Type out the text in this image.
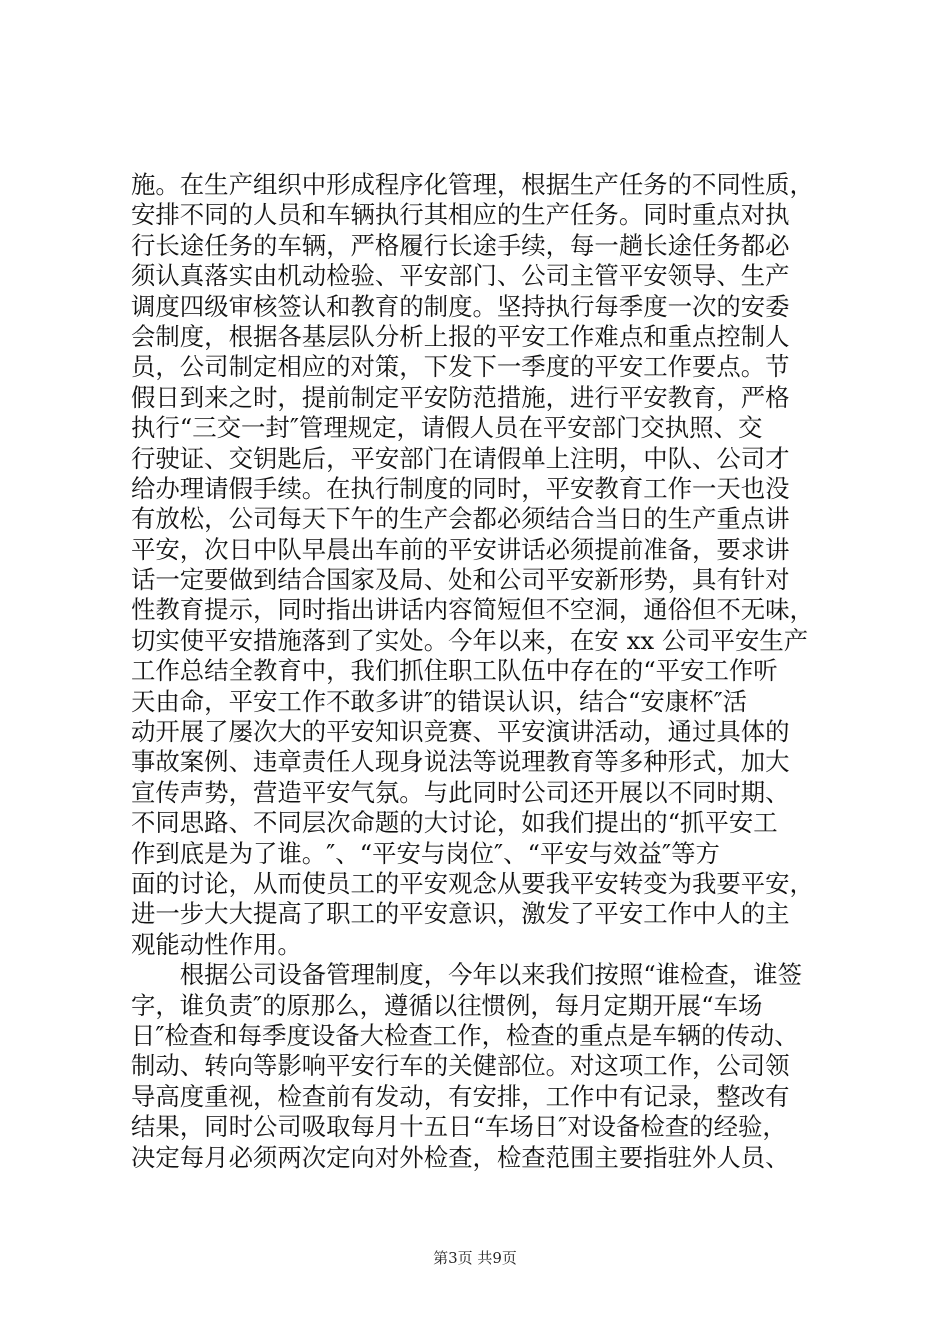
施。在生产组织中形成程序化管理，根据生产任务的不同性质，
安排不同的人员和车辆执行其相应的生产任务。同时重点对执
行长途任务的车辆，严格履行长途手续，每一趟长途任务都必
须认真落实由机动检验、平安部门、公司主管平安领导、生产
调度四级审核签认和教育的制度。坚持执行每季度一次的安委
会制度，根据各基层队分析上报的平安工作难点和重点控制人
员，公司制定相应的对策，下发下一季度的平安工作要点。节
假日到来之时，提前制定平安防范措施，进行平安教育，严格
执行“三交一封″管理规定，请假人员在平安部门交执照、交
行驶证、交钥匙后，平安部门在请假单上注明，中队、公司才
给办理请假手续。在执行制度的同时，平安教育工作一天也没
有放松，公司每天下午的生产会都必须结合当日的生产重点讲
平安，次日中队早晨出车前的平安讲话必须提前准备，要求讲
话一定要做到结合国家及局、处和公司平安新形势，具有针对
性教育提示，同时指出讲话内容简短但不空洞，通俗但不无味，
切实使平安措施落到了实处。今年以来，在安 xx 公司平安生产
工作总结全教育中，我们抓住职工队伍中存在的“平安工作听
天由命，平安工作不敢多讲″的错误认识，结合“安康杯″活
动开展了屡次大的平安知识竞赛、平安演讲活动，通过具体的
事故案例、违章责任人现身说法等说理教育等多种形式，加大
宣传声势，营造平安气氛。与此同时公司还开展以不同时期、
不同思路、不同层次命题的大讨论，如我们提出的“抓平安工
作到底是为了谁。″、“平安与岗位″、“平安与效益″等方
面的讨论，从而使员工的平安观念从要我平安转变为我要平安，
进一步大大提高了职工的平安意识，激发了平安工作中人的主
观能动性作用。
　　根据公司设备管理制度，今年以来我们按照“谁检查，谁签
字，谁负责″的原那么，遵循以往惯例，每月定期开展“车场
日″检查和每季度设备大检查工作，检查的重点是车辆的传动、
制动、转向等影响平安行车的关健部位。对这项工作，公司领
导高度重视，检查前有发动，有安排，工作中有记录，整改有
结果，同时公司吸取每月十五日“车场日″对设备检查的经验，
决定每月必须两次定向对外检查，检查范围主要指驻外人员、
第3页 共9页
